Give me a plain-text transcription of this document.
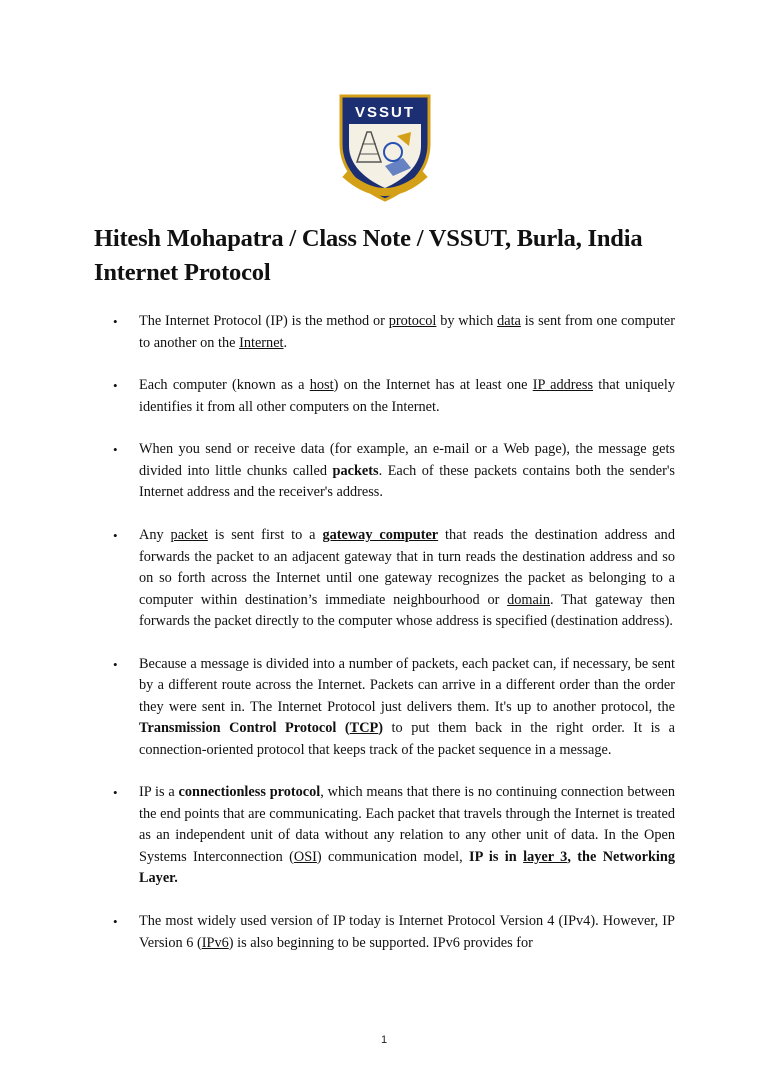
VSSUT
Hitesh Mohapatra / Class Note / VSSUT, Burla, India
Internet Protocol
• The Internet Protocol (IP) is the method or protocol by which data is sent from one computer to another on the Internet.
• Each computer (known as a host) on the Internet has at least one IP address that uniquely identifies it from all other computers on the Internet.
• When you send or receive data (for example, an e-mail or a Web page), the message gets divided into little chunks called packets. Each of these packets contains both the sender's Internet address and the receiver's address.
• Any packet is sent first to a gateway computer that reads the destination address and forwards the packet to an adjacent gateway that in turn reads the destination address and so on so forth across the Internet until one gateway recognizes the packet as belonging to a computer within destination’s immediate neighbourhood or domain. That gateway then forwards the packet directly to the computer whose address is specified (destination address).
• Because a message is divided into a number of packets, each packet can, if necessary, be sent by a different route across the Internet. Packets can arrive in a different order than the order they were sent in. The Internet Protocol just delivers them. It's up to another protocol, the Transmission Control Protocol (TCP) to put them back in the right order. It is a connection-oriented protocol that keeps track of the packet sequence in a message.
• IP is a connectionless protocol, which means that there is no continuing connection between the end points that are communicating. Each packet that travels through the Internet is treated as an independent unit of data without any relation to any other unit of data. In the Open Systems Interconnection (OSI) communication model, IP is in layer 3, the Networking Layer.
• The most widely used version of IP today is Internet Protocol Version 4 (IPv4). However, IP Version 6 (IPv6) is also beginning to be supported. IPv6 provides for
1
